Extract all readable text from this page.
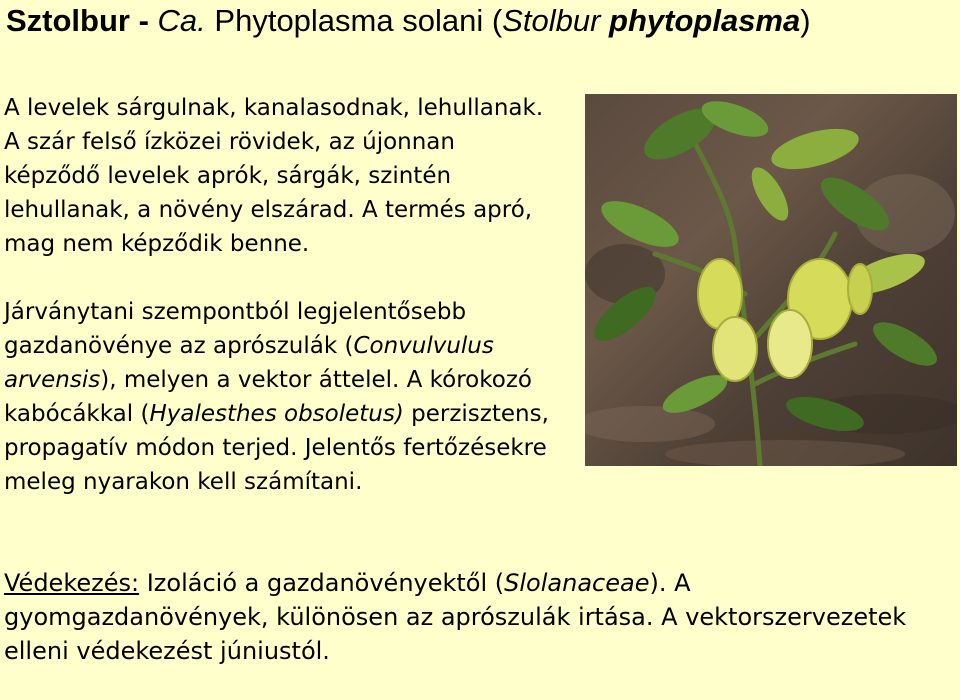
Sztolbur - Ca. Phytoplasma solani (Stolbur phytoplasma)

A levelek sárgulnak, kanalasodnak, lehullanak. A szár felső ízközei rövidek, az újonnan képződő levelek aprók, sárgák, szintén lehullanak, a növény elszárad. A termés apró, mag nem képződik benne.

Járványtani szempontból legjelentősebb gazdanövénye az aprószulák (Convulvulus arvensis), melyen a vektor áttelel. A kórokozó kabócákkal (Hyalesthes obsoletus) perzisztens, propagatív módon terjed. Jelentős fertőzésekre meleg nyarakon kell számítani.

Védekezés: Izoláció a gazdanövényektől (Slolanaceae). A gyomgazdanövények, különösen az aprószulák irtása. A vektorszervezetek elleni védekezést júniustól.
